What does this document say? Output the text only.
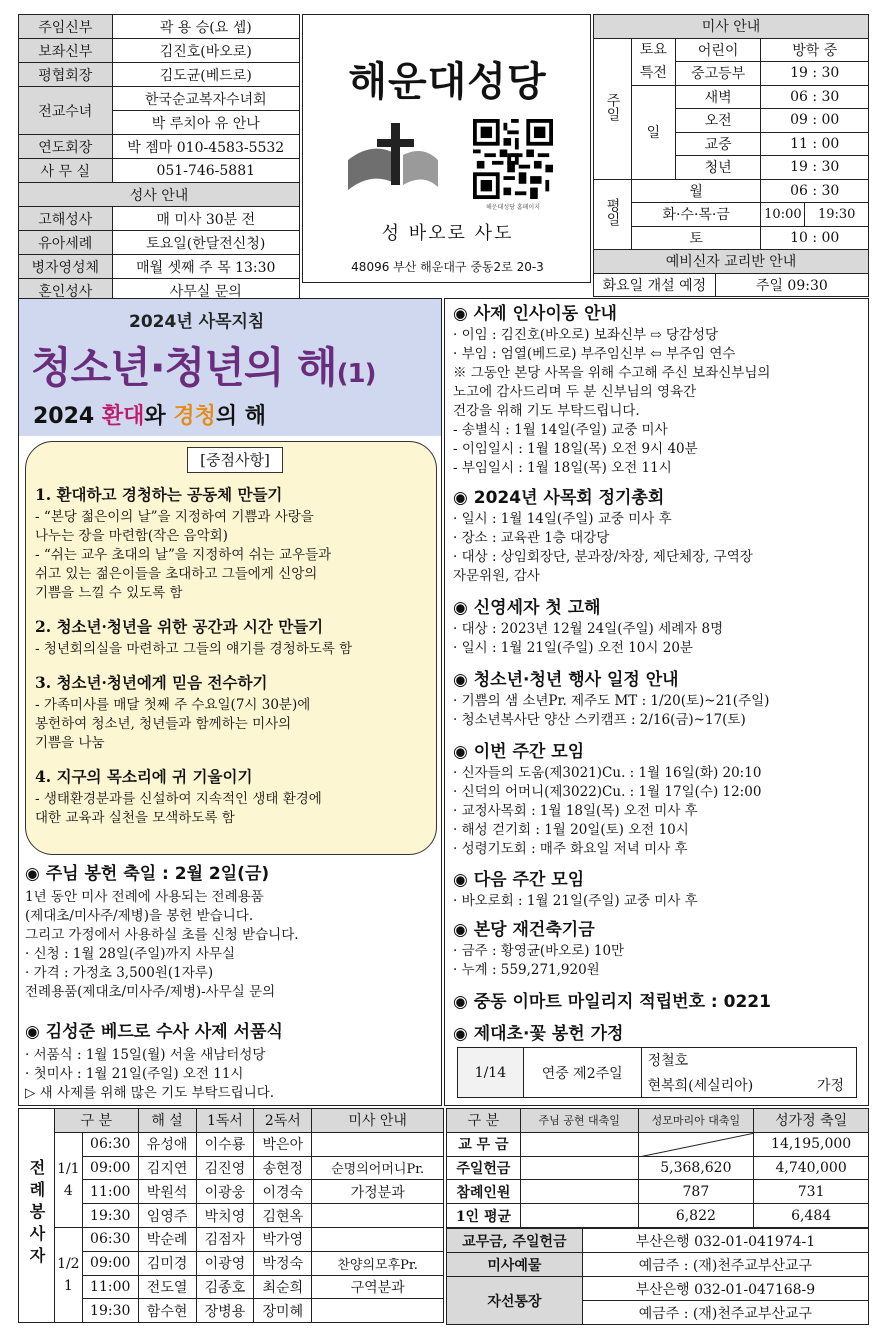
주임신부	곽 용 승(요 셉)
보좌신부	김진호(바오로)
평협회장	김도균(베드로)
전교수녀	한국순교복자수녀회
	박 루치아 유 안나
연도회장	박 젬마 010-4583-5532
사 무 실	051-746-5881
성사 안내	
고해성사	매 미사 30분 전
유아세례	토요일(한달전신청)
병자영성체	매월 셋째 주 목 13:30
혼인성사	사무실 문의
해운대성당
해운대성당 홈페이지
성 바오로 사도
48096 부산 해운대구 중동2로 20-3
미사 안내					
주일	토요 특전	어린이		방학 중	
		중고등부		19 : 30	
	일	새벽		06 : 30	
		오전		09 : 00	
		교중		11 : 00	
		청년		19 : 30	
평일	월			06 : 30	
	화·수·목·금			10:00	19:30
	토			10 : 00	
예비신자 교리반 안내					
화요일 개설 예정			주일 09:30		
2024년 사목지침
청소년·청년의 해(1)
2024 환대와 경청의 해
[중점사항]
1. 환대하고 경청하는 공동체 만들기
- “본당 젊은이의 날”을 지정하여 기쁨과 사랑을
나누는 장을 마련함(작은 음악회)
- “쉬는 교우 초대의 날”을 지정하여 쉬는 교우들과
쉬고 있는 젊은이들을 초대하고 그들에게 신앙의
기쁨을 느낄 수 있도록 함
2. 청소년·청년을 위한 공간과 시간 만들기
- 청년회의실을 마련하고 그들의 얘기를 경청하도록 함
3. 청소년·청년에게 믿음 전수하기
- 가족미사를 매달 첫째 주 수요일(7시 30분)에
봉헌하여 청소년, 청년들과 함께하는 미사의
기쁨을 나눔
4. 지구의 목소리에 귀 기울이기
- 생태환경분과를 신설하여 지속적인 생태 환경에
대한 교육과 실천을 모색하도록 함
◉ 주님 봉헌 축일 : 2월 2일(금)
1년 동안 미사 전례에 사용되는 전례용품
(제대초/미사주/제병)을 봉헌 받습니다.
그리고 가정에서 사용하실 초를 신청 받습니다.
· 신청 : 1월 28일(주일)까지 사무실
· 가격 : 가정초 3,500원(1자루)
전례용품(제대초/미사주/제병)-사무실 문의
◉ 김성준 베드로 수사 사제 서품식
· 서품식 : 1월 15일(월) 서울 새남터성당
· 첫미사 : 1월 21일(주일) 오전 11시
▷ 새 사제를 위해 많은 기도 부탁드립니다.
◉ 사제 인사이동 안내
· 이임 : 김진호(바오로) 보좌신부 ⇨ 당감성당
· 부임 : 엄열(베드로) 부주임신부 ⇦ 부주임 연수
※ 그동안 본당 사목을 위해 수고해 주신 보좌신부님의
노고에 감사드리며 두 분 신부님의 영육간
건강을 위해 기도 부탁드립니다.
- 송별식 : 1월 14일(주일) 교중 미사
- 이임일시 : 1월 18일(목) 오전 9시 40분
- 부임일시 : 1월 18일(목) 오전 11시
◉ 2024년 사목회 정기총회
· 일시 : 1월 14일(주일) 교중 미사 후
· 장소 : 교육관 1층 대강당
· 대상 : 상임회장단, 분과장/차장, 제단체장, 구역장
자문위원, 감사
◉ 신영세자 첫 고해
· 대상 : 2023년 12월 24일(주일) 세례자 8명
· 일시 : 1월 21일(주일) 오전 10시 20분
◉ 청소년·청년 행사 일정 안내
· 기쁨의 샘 소년Pr. 제주도 MT : 1/20(토)~21(주일)
· 청소년복사단 양산 스키캠프 : 2/16(금)~17(토)
◉ 이번 주간 모임
· 신자들의 도움(제3021)Cu. : 1월 16일(화) 20:10
· 신덕의 어머니(제3022)Cu. : 1월 17일(수) 12:00
· 교정사목회 : 1월 18일(목) 오전 미사 후
· 해성 걷기회 : 1월 20일(토) 오전 10시
· 성령기도회 : 매주 화요일 저녁 미사 후
◉ 다음 주간 모임
· 바오로회 : 1월 21일(주일) 교중 미사 후
◉ 본당 재건축기금
· 금주 : 황영균(바오로) 10만
· 누계 : 559,271,920원
◉ 중동 이마트 마일리지 적립번호 : 0221
◉ 제대초·꽃 봉헌 가정
1/14	연중 제2주일	정철호
현복희(세실리아)	가정
전례봉사자	구 분		해 설	1독서	2독서	미사 안내
	1/14	06:30	유성애	이수룡	박은아	
		09:00	김지연	김진영	송현정	순명의어머니Pr.
		11:00	박원석	이광웅	이경숙	가정분과
		19:30	임영주	박치영	김현옥	
	1/21	06:30	박순례	김점자	박가영	
		09:00	김미경	이광영	박정숙	찬양의모후Pr.
		11:00	전도열	김종호	최순희	구역분과
		19:30	함수현	장병용	장미혜	
구 분	주님 공현 대축일	성모마리아 대축일	성가정 축일
교 무 금			14,195,000
주일헌금		5,368,620	4,740,000
참례인원		787	731
1인 평균		6,822	6,484
교무금, 주일헌금	부산은행 032-01-041974-1
미사예물	예금주 : (재)천주교부산교구
자선통장	부산은행 032-01-047168-9
	예금주 : (재)천주교부산교구
